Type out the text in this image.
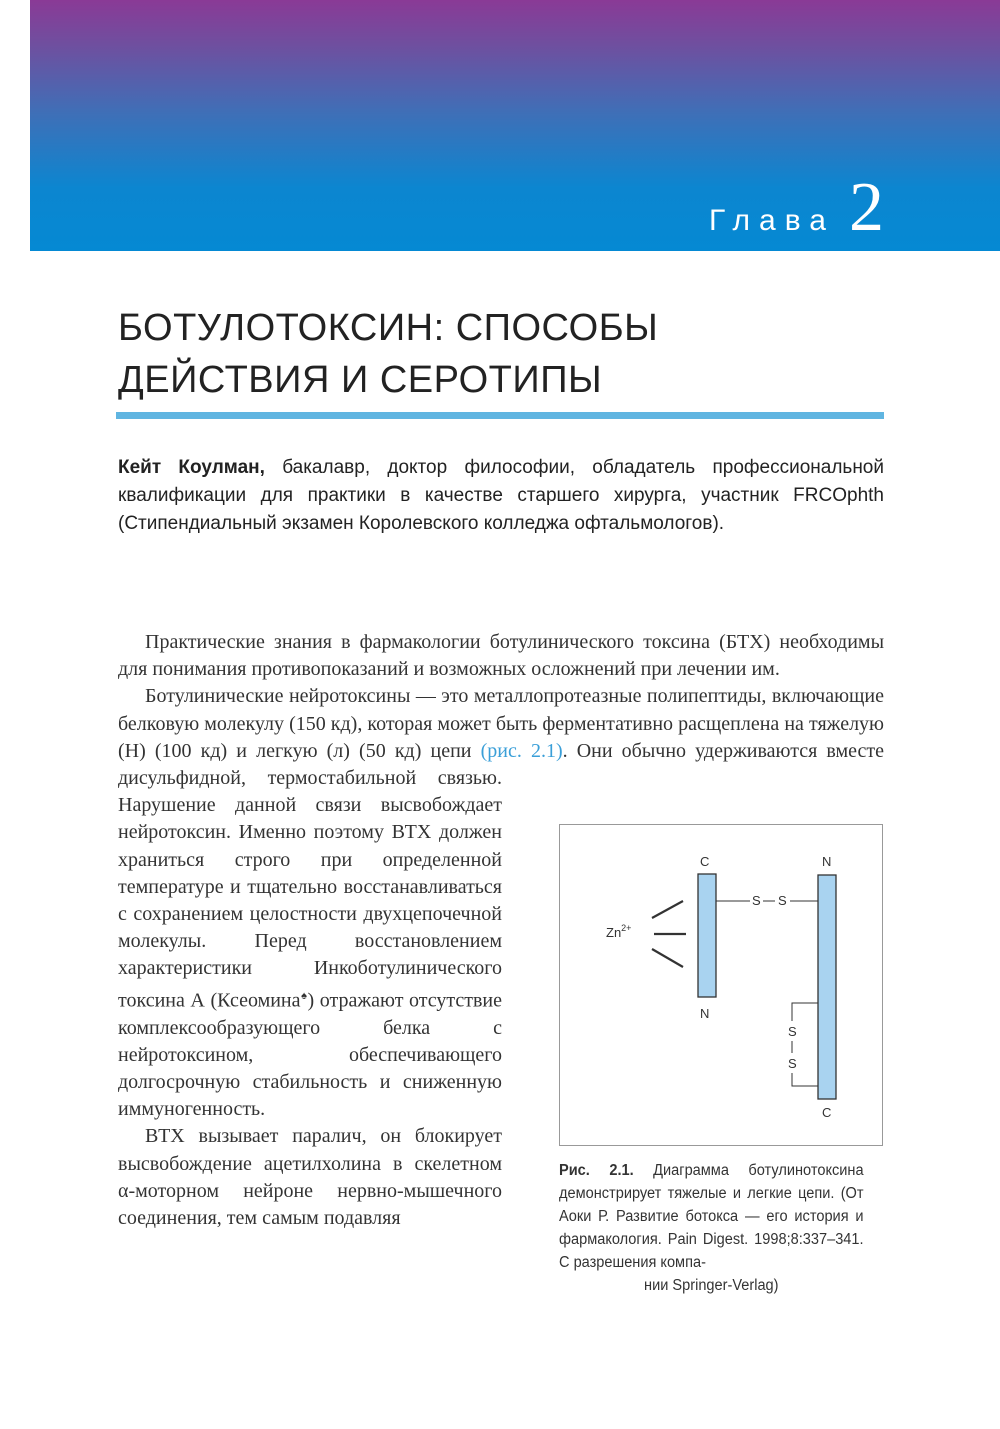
Глава 2
БОТУЛОТОКСИН: СПОСОБЫ
ДЕЙСТВИЯ И СЕРОТИПЫ
Кейт Коулман, бакалавр, доктор философии, обладатель профессиональной квалификации для практики в качестве старшего хирурга, участник FRCOphth (Стипендиальный экзамен Королевского колледжа офтальмологов).

Практические знания в фармакологии ботулинического токсина (БТХ) необходимы для понимания противопоказаний и возможных осложнений при лечении им.

Ботулинические нейротоксины — это металлопротеазные полипептиды, включающие белковую молекулу (150 кд), которая может быть ферментативно расщеплена на тяжелую (Н) (100 кд) и легкую (л) (50 кд) цепи (рис. 2.1)
. Они обычно удерживаются вместе дисульфидной, термостабильной связью. Нарушение данной связи высвобождает нейротоксин. Именно поэтому ВТХ должен храниться строго при определенной температуре и тщательно восстанавливаться с сохранением целостности двухцепочечной молекулы. Перед восстановлением характеристики Инкоботулинического токсина А (Ксеомина♠) отражают отсутствие комплексообразующего белка с нейротоксином, обеспечивающего долгосрочную стабильность и сниженную иммуногенность.

ВТХ вызывает паралич, он блокирует высвобождение ацетилхолина в скелетном α-моторном нейроне нервно-мышечного соединения, тем самым подавляя

C
N
N
C
$Zn^{2+}$
S S
S
S
Рис. 2.1. Диаграмма ботулинотоксина демонстрирует тяжелые и легкие цепи. (От Аоки Р. Развитие ботокса — его история и фармакология. Pain Digest. 1998;8:337–341. С разрешения компа-
нии Springer-Verlag)
